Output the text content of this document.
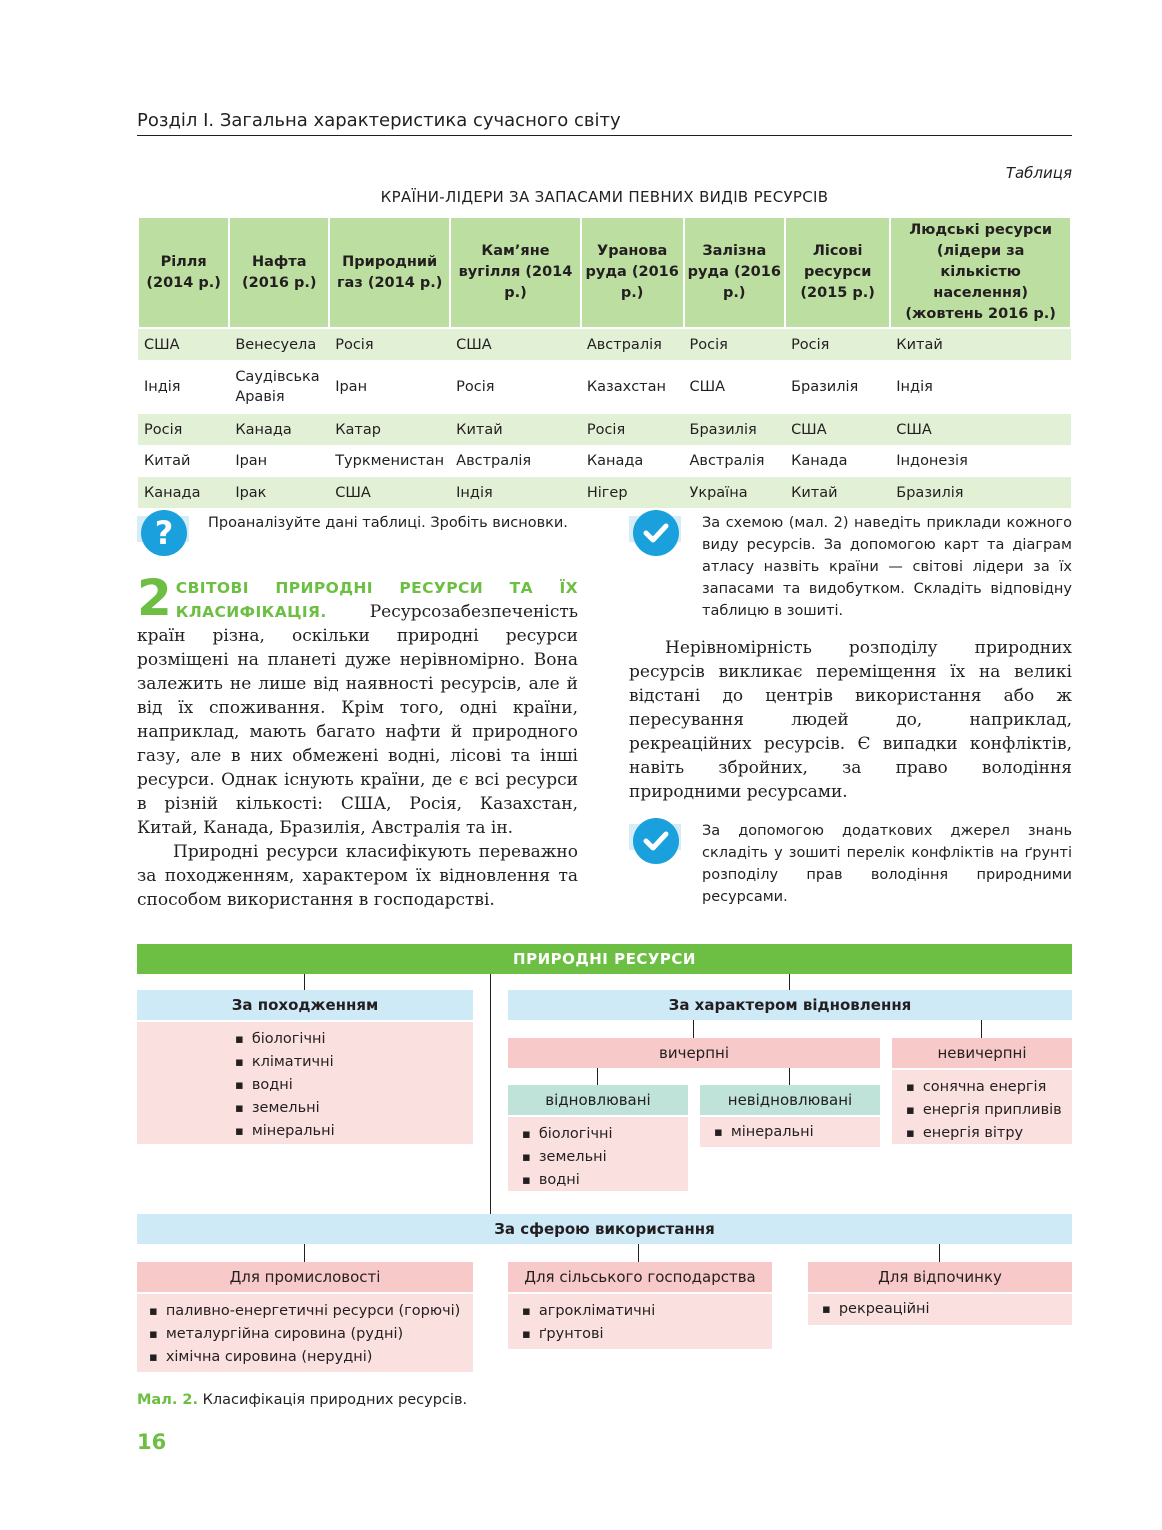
Розділ I. Загальна характеристика сучасного світу
Таблиця
КРАЇНИ-ЛІДЕРИ ЗА ЗАПАСАМИ ПЕВНИХ ВИДІВ РЕСУРСІВ
Рілля (2014 р.)	Нафта (2016 р.)	Природний газ (2014 р.)	Кам’яне вугілля (2014 р.)	Уранова руда (2016 р.)	Залізна руда (2016 р.)	Лісові ресурси (2015 р.)	Людські ресурси (лідери за кількістю населення) (жовтень 2016 р.)
США	Венесуела	Росія	США	Австралія	Росія	Росія	Китай
Індія	Саудівська Аравія	Іран	Росія	Казахстан	США	Бразилія	Індія
Росія	Канада	Катар	Китай	Росія	Бразилія	США	США
Китай	Іран	Туркменистан	Австралія	Канада	Австралія	Канада	Індонезія
Канада	Ірак	США	Індія	Нігер	Україна	Китай	Бразилія
?	Проаналізуйте дані таблиці. Зробіть висновки.	За схемою (мал. 2) наведіть приклади кожного виду ресурсів. За допомогою карт та діаграм атласу назвіть країни — світові лідери за їх запасами та видобутком. Складіть відповідну таблицю в зошиті.
2 СВІТОВІ ПРИРОДНІ РЕСУРСИ ТА ЇХ КЛАСИФІКАЦІЯ.	Ресурсозабезпеченість країн різна, оскільки природні ресурси розміщені на планеті дуже нерівномірно. Вона залежить не лише від наявності ресурсів, але й від їх споживання. Крім того, одні країни, наприклад, мають багато нафти й природного газу, але в них обмежені водні, лісові та інші ресурси. Однак існують країни, де є всі ресурси в різній кількості: США, Росія, Казахстан, Китай, Канада, Бразилія, Австралія та ін.
Природні ресурси класифікують переважно за походженням, характером їх відновлення та способом використання в господарстві.
Нерівномірність розподілу природних ресурсів викликає переміщення їх на великі відстані до центрів використання або ж пересування людей до, наприклад, рекреаційних ресурсів. Є випадки конфліктів, навіть збройних, за право володіння природними ресурсами.
За допомогою додаткових джерел знань складіть у зошиті перелік конфліктів на ґрунті розподілу прав володіння природними ресурсами.
ПРИРОДНІ РЕСУРСИ
За походженням
▪ біологічні
▪ кліматичні
▪ водні
▪ земельні
▪ мінеральні
За характером відновлення
вичерпні	невичерпні
▪ сонячна енергія
▪ енергія припливів
▪ енергія вітру
відновлювані
▪ біологічні
▪ земельні
▪ водні
невідновлювані
▪ мінеральні
За сферою використання
Для промисловості
▪ паливно-енергетичні ресурси (горючі)
▪ металургійна сировина (рудні)
▪ хімічна сировина (нерудні)
Для сільського господарства
▪ агрокліматичні
▪ ґрунтові
Для відпочинку
▪ рекреаційні
Мал. 2. Класифікація природних ресурсів.
16
